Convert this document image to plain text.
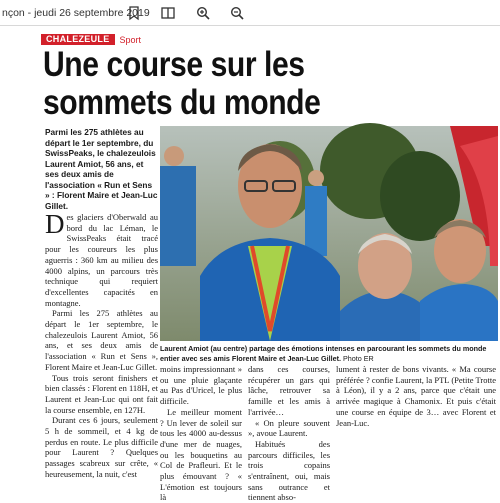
nçon - jeudi 26 septembre 2019
CHALEZEULE	Sport
Une course sur les sommets du monde
Parmi les 275 athlètes au départ le 1er septembre, du SwissPeaks, le chalezeulois Laurent Amiot, 56 ans, et ses deux amis de l'association « Run et Sens » : Florent Maire et Jean-Luc Gillet.
Laurent Amiot (au centre) partage des émotions intenses en parcourant les sommets du monde entier avec ses amis Florent Maire et Jean-Luc Gillet. Photo ER

Des glaciers d'Oberwald au bord du lac Léman, le SwissPeaks était tracé pour les coureurs les plus aguerris : 360 km au milieu des 4000 alpins, un parcours très technique qui requiert d'excellentes capacités en montagne.

Parmi les 275 athlètes au départ le 1er septembre, le chalezeulois Laurent Amiot, 56 ans, et ses deux amis de l'association « Run et Sens », Florent Maire et Jean-Luc Gillet.

Tous trois seront finishers et bien classés : Florent en 118H, et Laurent et Jean-Luc qui ont fait la course ensemble, en 127H.

Durant ces 6 jours, seulement 5 h de sommeil, et 4 kg de perdus en route. Le plus difficile pour Laurent ? Quelques passages scabreux sur crête, « heureusement, la nuit, c'est

moins impressionnant » ou une pluie glaçante au Pas d'Uricel, le plus difficile.

Le meilleur moment ? Un lever de soleil sur tous les 4000 au-dessus d'une mer de nuages, ou les bouquetins au Col de Prafleuri. Et le plus émouvant ? « L'émotion est toujours là

dans ces courses, récupérer un gars qui lâche, retrouver sa famille et les amis à l'arrivée…

« On pleure souvent », avoue Laurent.

Habitués des parcours difficiles, les trois copains s'entraînent, oui, mais sans outrance et tiennent abso-

lument à rester de bons vivants. « Ma course préférée ? confie Laurent, la PTL (Petite Trotte à Léon), il y a 2 ans, parce que c'était une arrivée magique à Chamonix. Et puis c'était une course en équipe de 3… avec Florent et Jean-Luc.
